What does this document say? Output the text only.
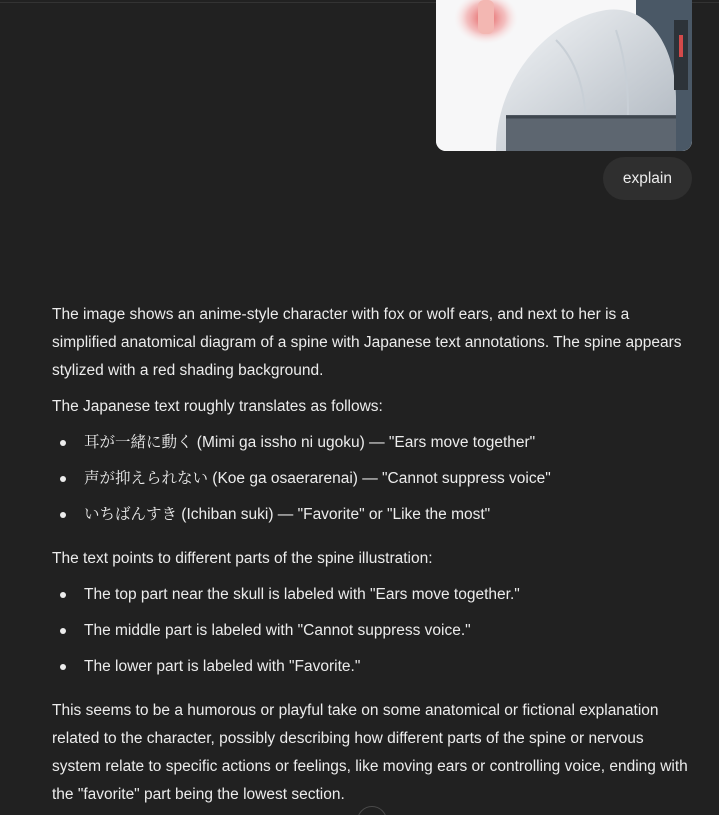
explain

The image shows an anime-style character with fox or wolf ears, and next to her is a simplified anatomical diagram of a spine with Japanese text annotations. The spine appears stylized with a red shading background.

The Japanese text roughly translates as follows:

耳が一緒に動く (Mimi ga issho ni ugoku) — "Ears move together"
声が抑えられない (Koe ga osaerarenai) — "Cannot suppress voice"
いちばんすき (Ichiban suki) — "Favorite" or "Like the most"

The text points to different parts of the spine illustration:

The top part near the skull is labeled with "Ears move together."
The middle part is labeled with "Cannot suppress voice."
The lower part is labeled with "Favorite."

This seems to be a humorous or playful take on some anatomical or fictional explanation related to the character, possibly describing how different parts of the spine or nervous system relate to specific actions or feelings, like moving ears or controlling voice, ending with the "favorite" part being the lowest section.
